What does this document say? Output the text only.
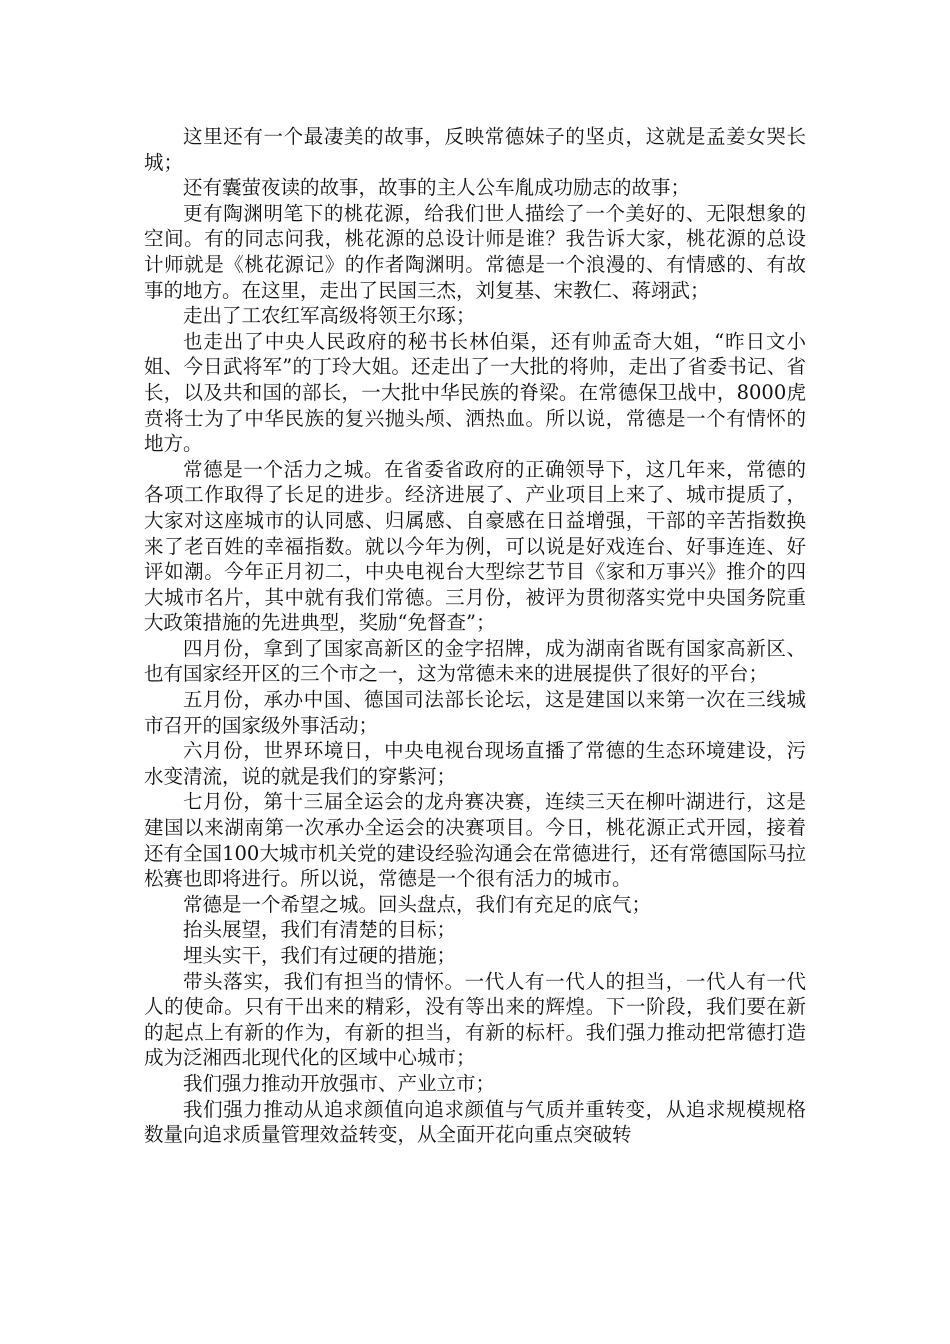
这里还有一个最凄美的故事，反映常德妹子的坚贞，这就是孟姜女哭长城；

还有囊萤夜读的故事，故事的主人公车胤成功励志的故事；

更有陶渊明笔下的桃花源，给我们世人描绘了一个美好的、无限想象的空间。有的同志问我，桃花源的总设计师是谁？我告诉大家，桃花源的总设计师就是《桃花源记》的作者陶渊明。常德是一个浪漫的、有情感的、有故事的地方。在这里，走出了民国三杰，刘复基、宋教仁、蒋翊武；

走出了工农红军高级将领王尔琢；

也走出了中央人民政府的秘书长林伯渠，还有帅孟奇大姐，“昨日文小姐、今日武将军”的丁玲大姐。还走出了一大批的将帅，走出了省委书记、省长，以及共和国的部长，一大批中华民族的脊梁。在常德保卫战中，8000虎贲将士为了中华民族的复兴抛头颅、洒热血。所以说，常德是一个有情怀的地方。

常德是一个活力之城。在省委省政府的正确领导下，这几年来，常德的各项工作取得了长足的进步。经济进展了、产业项目上来了、城市提质了，大家对这座城市的认同感、归属感、自豪感在日益增强，干部的辛苦指数换来了老百姓的幸福指数。就以今年为例，可以说是好戏连台、好事连连、好评如潮。今年正月初二，中央电视台大型综艺节目《家和万事兴》推介的四大城市名片，其中就有我们常德。三月份，被评为贯彻落实党中央国务院重大政策措施的先进典型，奖励“免督查”；

四月份，拿到了国家高新区的金字招牌，成为湖南省既有国家高新区、也有国家经开区的三个市之一，这为常德未来的进展提供了很好的平台；

五月份，承办中国、德国司法部长论坛，这是建国以来第一次在三线城市召开的国家级外事活动；

六月份，世界环境日，中央电视台现场直播了常德的生态环境建设，污水变清流，说的就是我们的穿紫河；

七月份，第十三届全运会的龙舟赛决赛，连续三天在柳叶湖进行，这是建国以来湖南第一次承办全运会的决赛项目。今日，桃花源正式开园，接着还有全国100大城市机关党的建设经验沟通会在常德进行，还有常德国际马拉松赛也即将进行。所以说，常德是一个很有活力的城市。

常德是一个希望之城。回头盘点，我们有充足的底气；

抬头展望，我们有清楚的目标；

埋头实干，我们有过硬的措施；

带头落实，我们有担当的情怀。一代人有一代人的担当，一代人有一代人的使命。只有干出来的精彩，没有等出来的辉煌。下一阶段，我们要在新的起点上有新的作为，有新的担当，有新的标杆。我们强力推动把常德打造成为泛湘西北现代化的区域中心城市；

我们强力推动开放强市、产业立市；

我们强力推动从追求颜值向追求颜值与气质并重转变，从追求规模规格数量向追求质量管理效益转变，从全面开花向重点突破转
